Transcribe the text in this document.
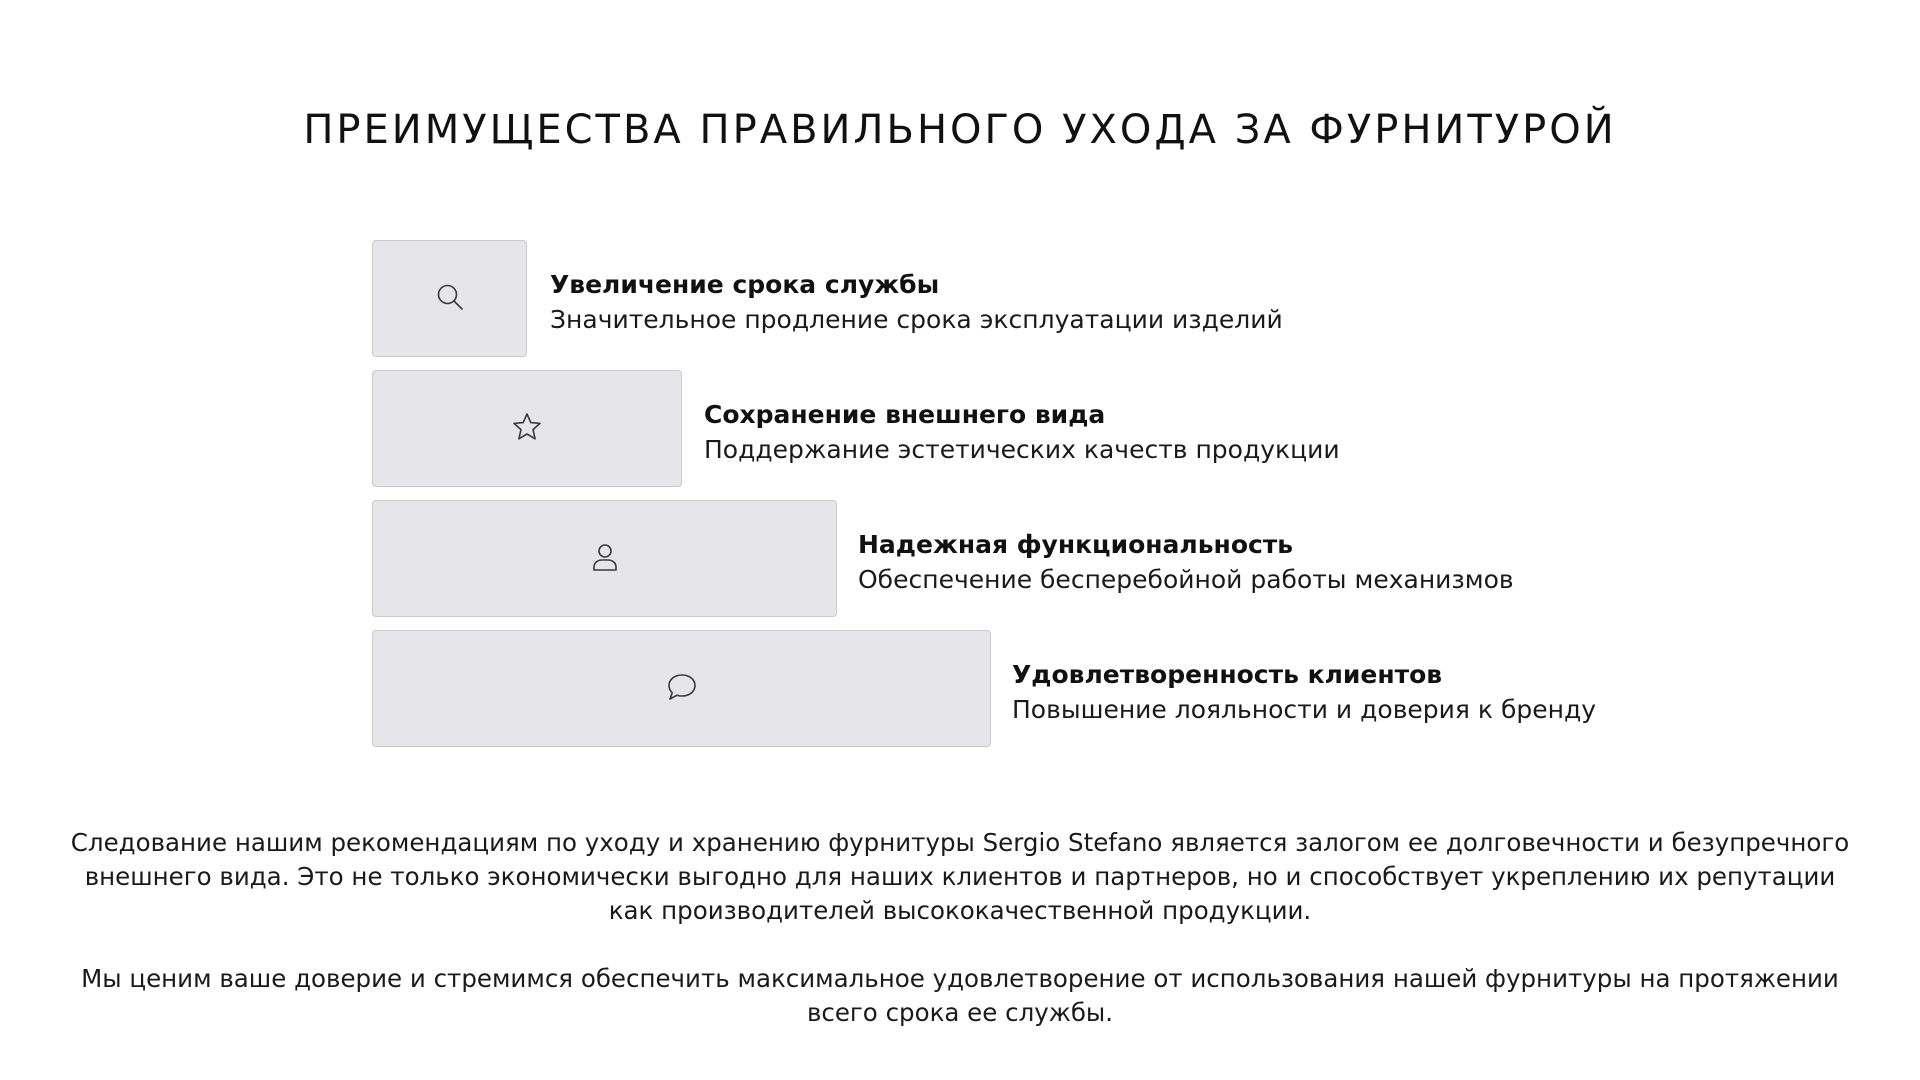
ПРЕИМУЩЕСТВА ПРАВИЛЬНОГО УХОДА ЗА ФУРНИТУРОЙ
Увеличение срока службы
Значительное продление срока эксплуатации изделий
Сохранение внешнего вида
Поддержание эстетических качеств продукции
Надежная функциональность
Обеспечение бесперебойной работы механизмов
Удовлетворенность клиентов
Повышение лояльности и доверия к бренду

Следование нашим рекомендациям по уходу и хранению фурнитуры Sergio Stefano является залогом ее долговечности и безупречного внешнего вида. Это не только экономически выгодно для наших клиентов и партнеров, но и способствует укреплению их репутации как производителей высококачественной продукции.

Мы ценим ваше доверие и стремимся обеспечить максимальное удовлетворение от использования нашей фурнитуры на протяжении всего срока ее службы.
